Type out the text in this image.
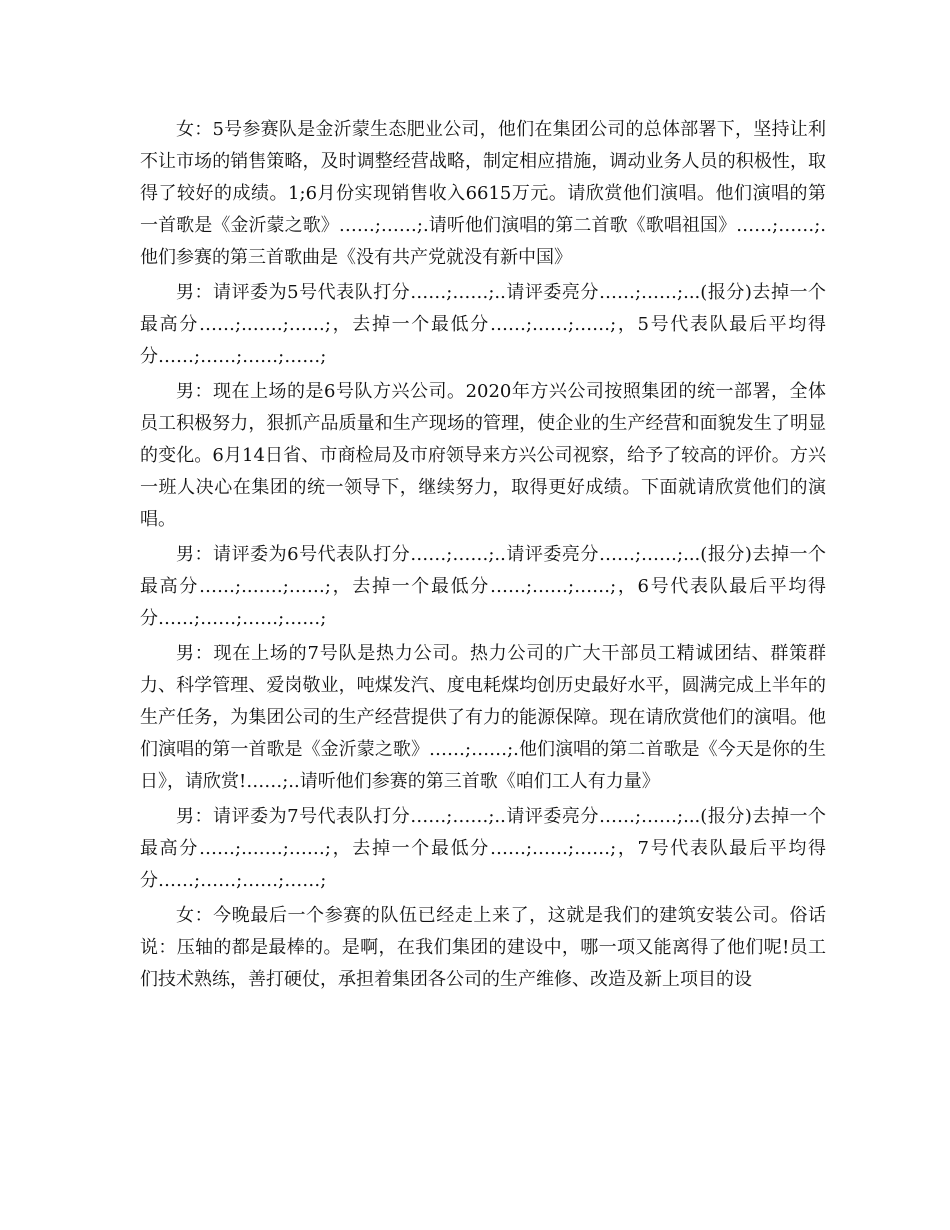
女：5号参赛队是金沂蒙生态肥业公司，他们在集团公司的总体部署下，坚持让利不让市场的销售策略，及时调整经营战略，制定相应措施，调动业务人员的积极性，取得了较好的成绩。1;6月份实现销售收入6615万元。请欣赏他们演唱。他们演唱的第一首歌是《金沂蒙之歌》……;……;.请听他们演唱的第二首歌《歌唱祖国》……;……;.他们参赛的第三首歌曲是《没有共产党就没有新中国》

男：请评委为5号代表队打分……;……;..请评委亮分……;……;...(报分)去掉一个最高分……;.……;……;，去掉一个最低分……;……;……;，5号代表队最后平均得分……;……;……;……;

男：现在上场的是6号队方兴公司。2020年方兴公司按照集团的统一部署，全体员工积极努力，狠抓产品质量和生产现场的管理，使企业的生产经营和面貌发生了明显的变化。6月14日省、市商检局及市府领导来方兴公司视察，给予了较高的评价。方兴一班人决心在集团的统一领导下，继续努力，取得更好成绩。下面就请欣赏他们的演唱。

男：请评委为6号代表队打分……;……;..请评委亮分……;……;...(报分)去掉一个最高分……;.……;……;，去掉一个最低分……;……;……;，6号代表队最后平均得分……;……;……;……;

男：现在上场的7号队是热力公司。热力公司的广大干部员工精诚团结、群策群力、科学管理、爱岗敬业，吨煤发汽、度电耗煤均创历史最好水平，圆满完成上半年的生产任务，为集团公司的生产经营提供了有力的能源保障。现在请欣赏他们的演唱。他们演唱的第一首歌是《金沂蒙之歌》……;……;.他们演唱的第二首歌是《今天是你的生日》，请欣赏!……;..请听他们参赛的第三首歌《咱们工人有力量》

男：请评委为7号代表队打分……;……;..请评委亮分……;……;...(报分)去掉一个最高分……;.……;……;，去掉一个最低分……;……;……;，7号代表队最后平均得分……;……;……;……;

女：今晚最后一个参赛的队伍已经走上来了，这就是我们的建筑安装公司。俗话说：压轴的都是最棒的。是啊，在我们集团的建设中，哪一项又能离得了他们呢!员工们技术熟练，善打硬仗，承担着集团各公司的生产维修、改造及新上项目的设
